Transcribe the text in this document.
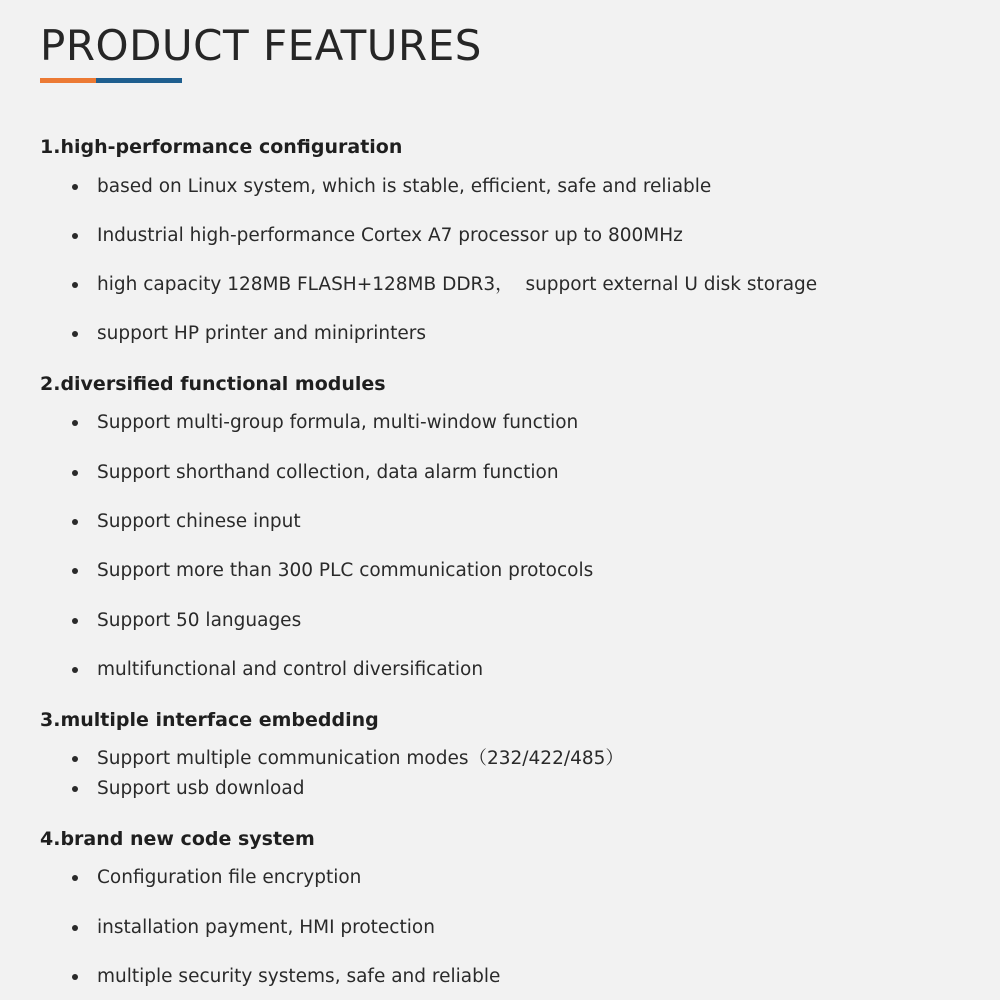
PRODUCT FEATURES
1.high-performance configuration
based on Linux system, which is stable, efficient, safe and reliable
Industrial high-performance Cortex A7 processor up to 800MHz
high capacity 128MB FLASH+128MB DDR3，  support external U disk storage
support HP printer and miniprinters
2.diversified functional modules
Support multi-group formula, multi-window function
Support shorthand collection, data alarm function
Support chinese input
Support more than 300 PLC communication protocols
Support 50 languages
multifunctional and control diversification
3.multiple interface embedding
Support multiple communication modes（232/422/485）
Support usb download
4.brand new code system
Configuration file encryption
installation payment, HMI protection
multiple security systems, safe and reliable
